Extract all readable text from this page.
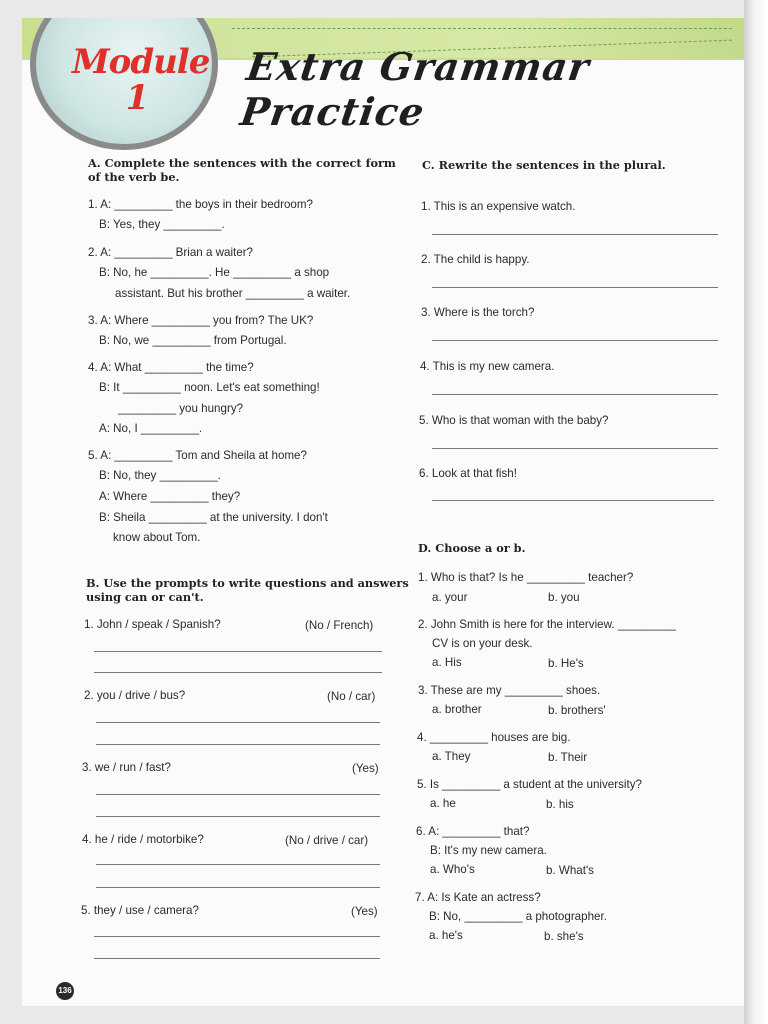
Module
1
Extra Grammar Practice
A. Complete the sentences with the correct form
of the verb be.
1. A: _________ the boys in their bedroom?
B: Yes, they _________.
2. A: _________ Brian a waiter?
B: No, he _________. He _________ a shop
assistant. But his brother _________ a waiter.
3. A: Where _________ you from? The UK?
B: No, we _________ from Portugal.
4. A: What _________ the time?
B: It _________ noon. Let's eat something!
_________ you hungry?
A: No, I _________.
5. A: _________ Tom and Sheila at home?
B: No, they _________.
A: Where _________ they?
B: Sheila _________ at the university. I don't
know about Tom.
B. Use the prompts to write questions and answers
using can or can't.
1. John / speak / Spanish?	(No / French)
2. you / drive / bus?	(No / car)
3. we / run / fast?	(Yes)
4. he / ride / motorbike?	(No / drive / car)
5. they / use / camera?	(Yes)
C. Rewrite the sentences in the plural.
1. This is an expensive watch.
2. The child is happy.
3. Where is the torch?
4. This is my new camera.
5. Who is that woman with the baby?
6. Look at that fish!
D. Choose a or b.
1. Who is that? Is he _________ teacher?
a. your	b. you
2. John Smith is here for the interview. _________
CV is on your desk.
a. His	b. He's
3. These are my _________ shoes.
a. brother	b. brothers'
4. _________ houses are big.
a. They	b. Their
5. Is _________ a student at the university?
a. he	b. his
6. A: _________ that?
B: It's my new camera.
a. Who's	b. What's
7. A: Is Kate an actress?
B: No, _________ a photographer.
a. he's	b. she's
136
